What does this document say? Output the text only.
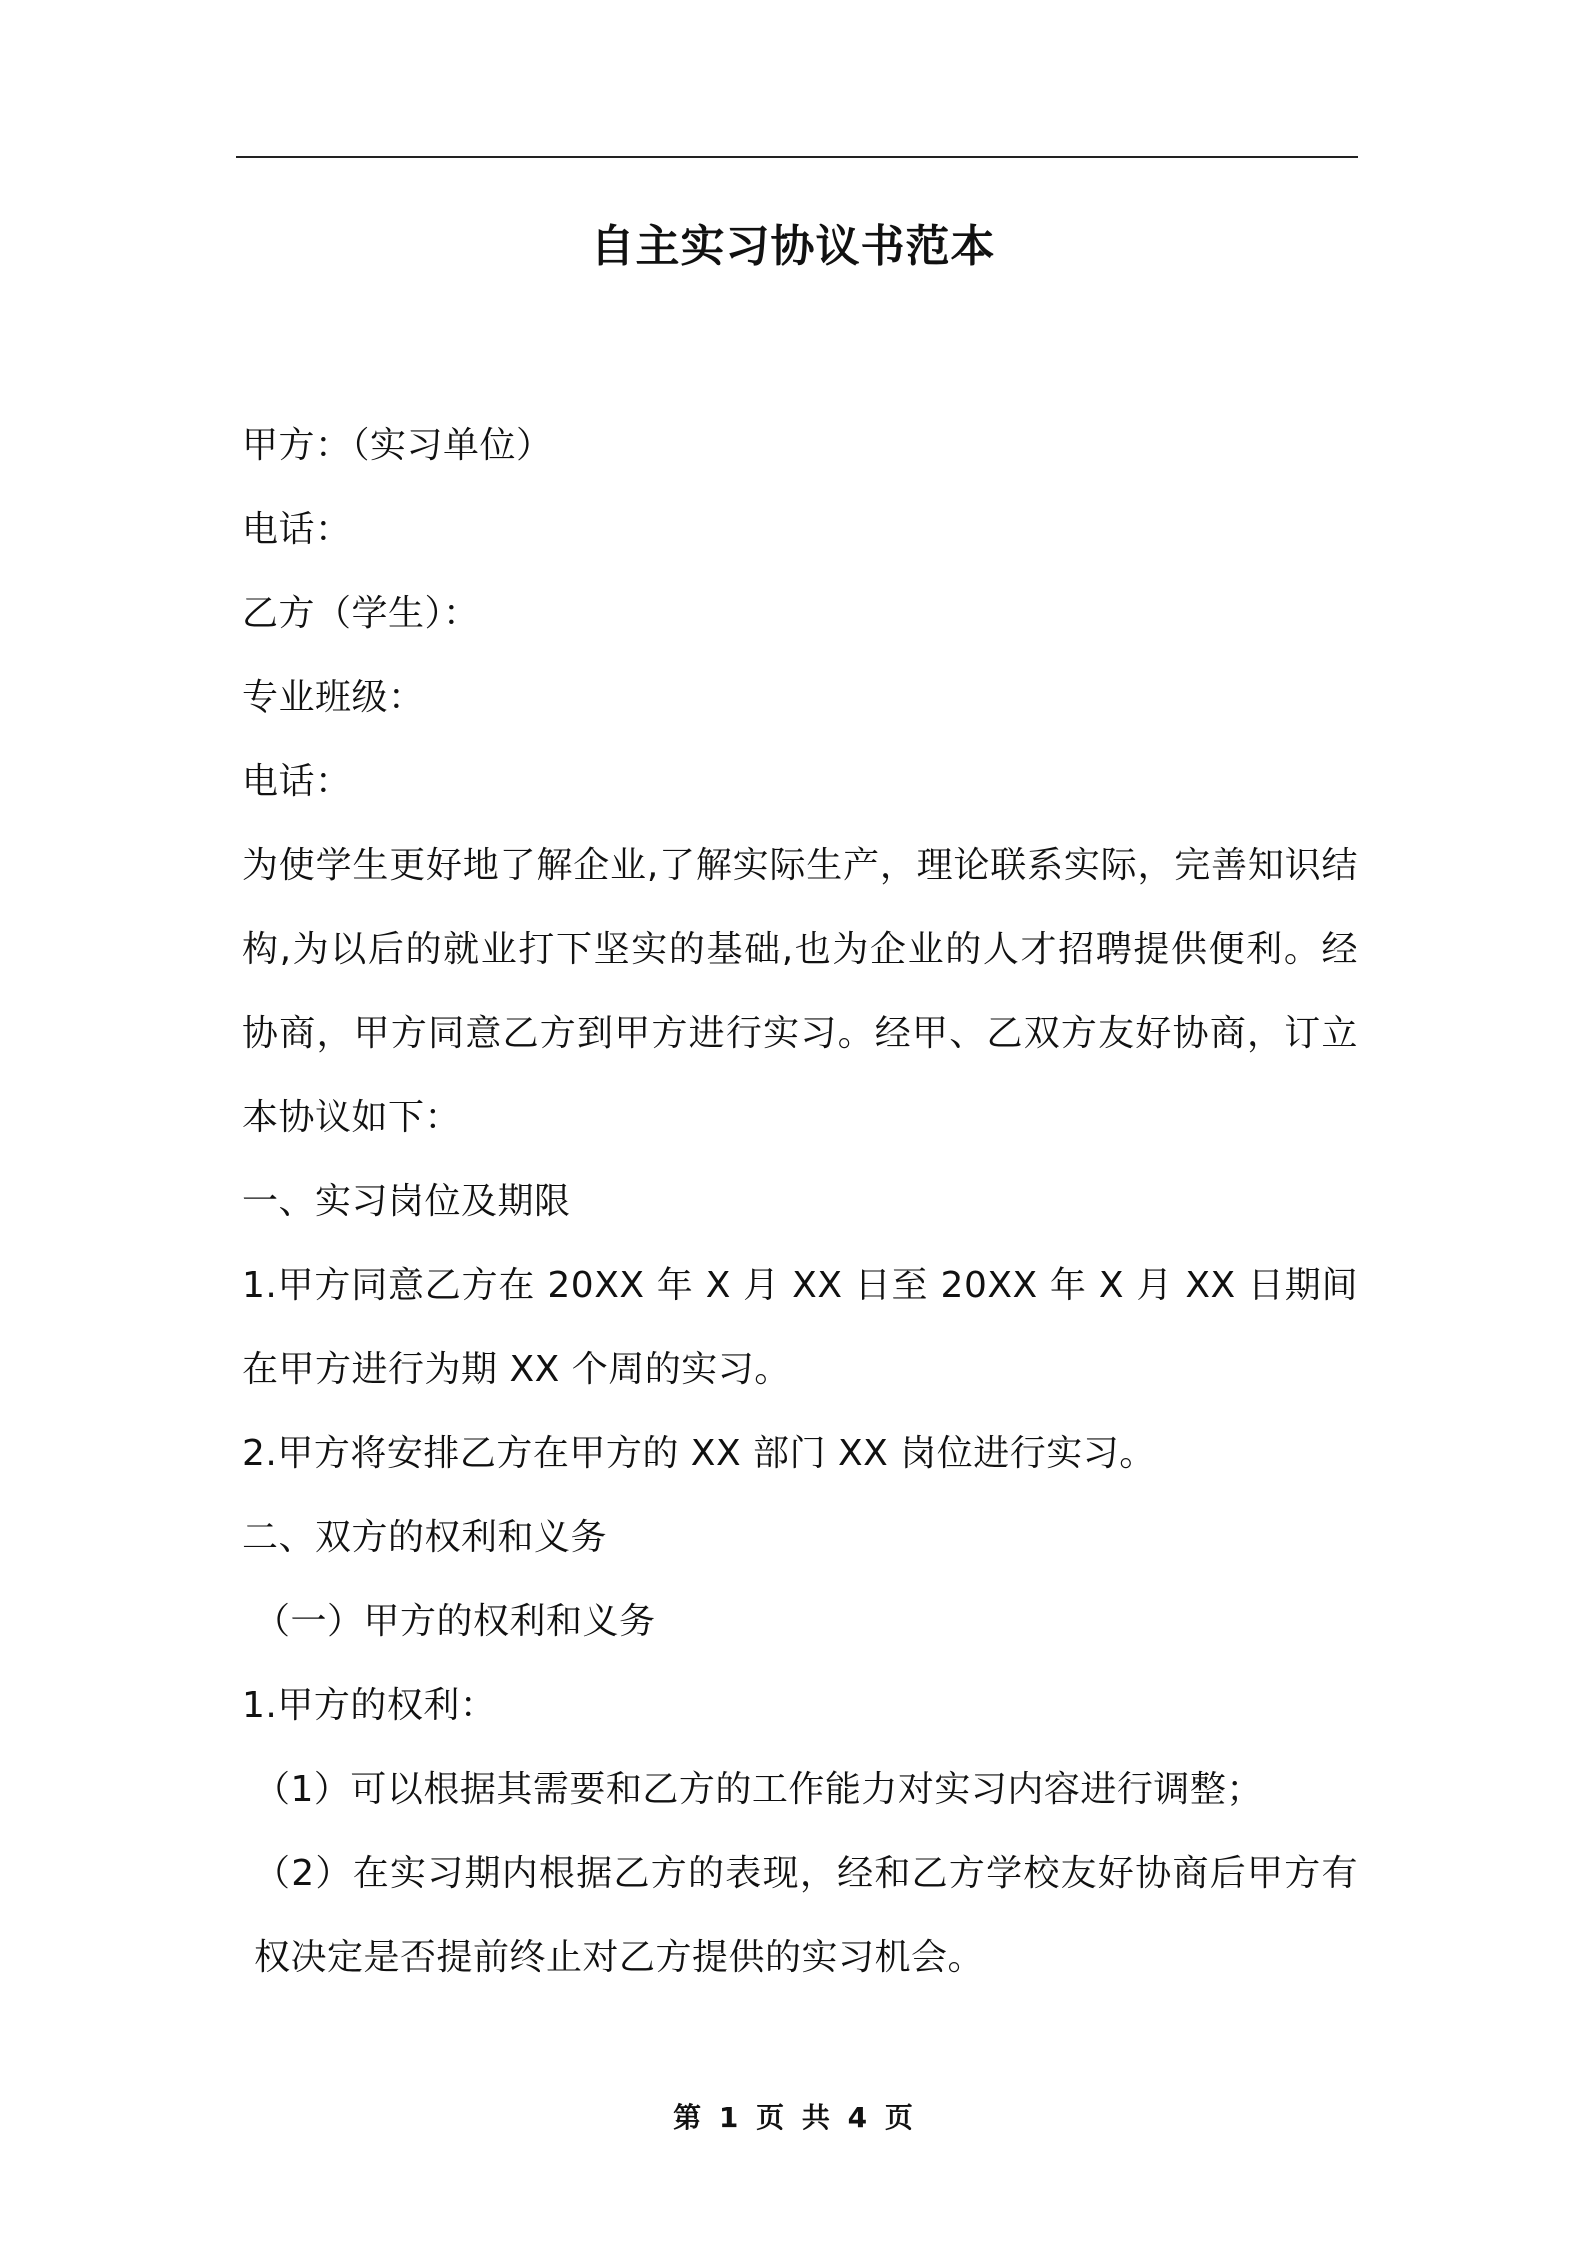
自主实习协议书范本
甲方：（实习单位）
电话：
乙方（学生）：
专业班级：
电话：

为使学生更好地了解企业,了解实际生产，理论联系实际，完善知识结构,为以后的就业打下坚实的基础,也为企业的人才招聘提供便利。经协商，甲方同意乙方到甲方进行实习。经甲、乙双方友好协商，订立本协议如下：

一、实习岗位及期限

1.甲方同意乙方在 20XX 年 X 月 XX 日至 20XX 年 X 月 XX 日期间在甲方进行为期 XX 个周的实习。

2.甲方将安排乙方在甲方的 XX 部门 XX 岗位进行实习。
二、双方的权利和义务
（一）甲方的权利和义务
1.甲方的权利：
（1）可以根据其需要和乙方的工作能力对实习内容进行调整；

（2）在实习期内根据乙方的表现，经和乙方学校友好协商后甲方有权决定是否提前终止对乙方提供的实习机会。

第 1 页 共 4 页
